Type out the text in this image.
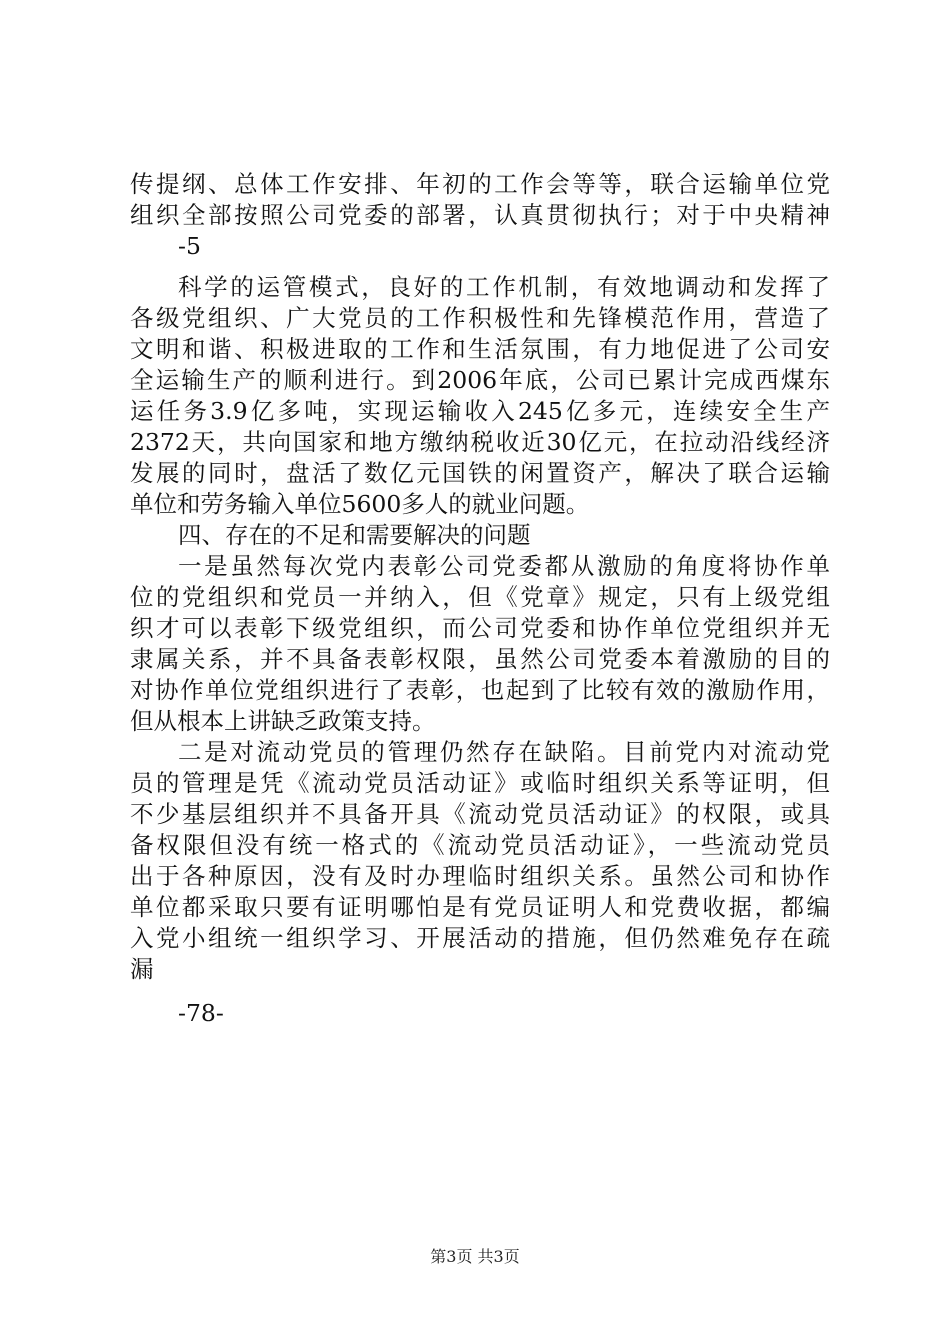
传提纲、总体工作安排、年初的工作会等等，联合运输单位党
组织全部按照公司党委的部署，认真贯彻执行；对于中央精神
-5
科学的运管模式，良好的工作机制，有效地调动和发挥了
各级党组织、广大党员的工作积极性和先锋模范作用，营造了
文明和谐、积极进取的工作和生活氛围，有力地促进了公司安
全运输生产的顺利进行。到2006年底，公司已累计完成西煤东
运任务3.9亿多吨，实现运输收入245亿多元，连续安全生产
2372天，共向国家和地方缴纳税收近30亿元，在拉动沿线经济
发展的同时，盘活了数亿元国铁的闲置资产，解决了联合运输
单位和劳务输入单位5600多人的就业问题。
四、存在的不足和需要解决的问题
一是虽然每次党内表彰公司党委都从激励的角度将协作单
位的党组织和党员一并纳入，但《党章》规定，只有上级党组
织才可以表彰下级党组织，而公司党委和协作单位党组织并无
隶属关系，并不具备表彰权限，虽然公司党委本着激励的目的
对协作单位党组织进行了表彰，也起到了比较有效的激励作用，
但从根本上讲缺乏政策支持。
二是对流动党员的管理仍然存在缺陷。目前党内对流动党
员的管理是凭《流动党员活动证》或临时组织关系等证明，但
不少基层组织并不具备开具《流动党员活动证》的权限，或具
备权限但没有统一格式的《流动党员活动证》，一些流动党员
出于各种原因，没有及时办理临时组织关系。虽然公司和协作
单位都采取只要有证明哪怕是有党员证明人和党费收据，都编
入党小组统一组织学习、开展活动的措施，但仍然难免存在疏
漏
-78-
第3页 共3页
